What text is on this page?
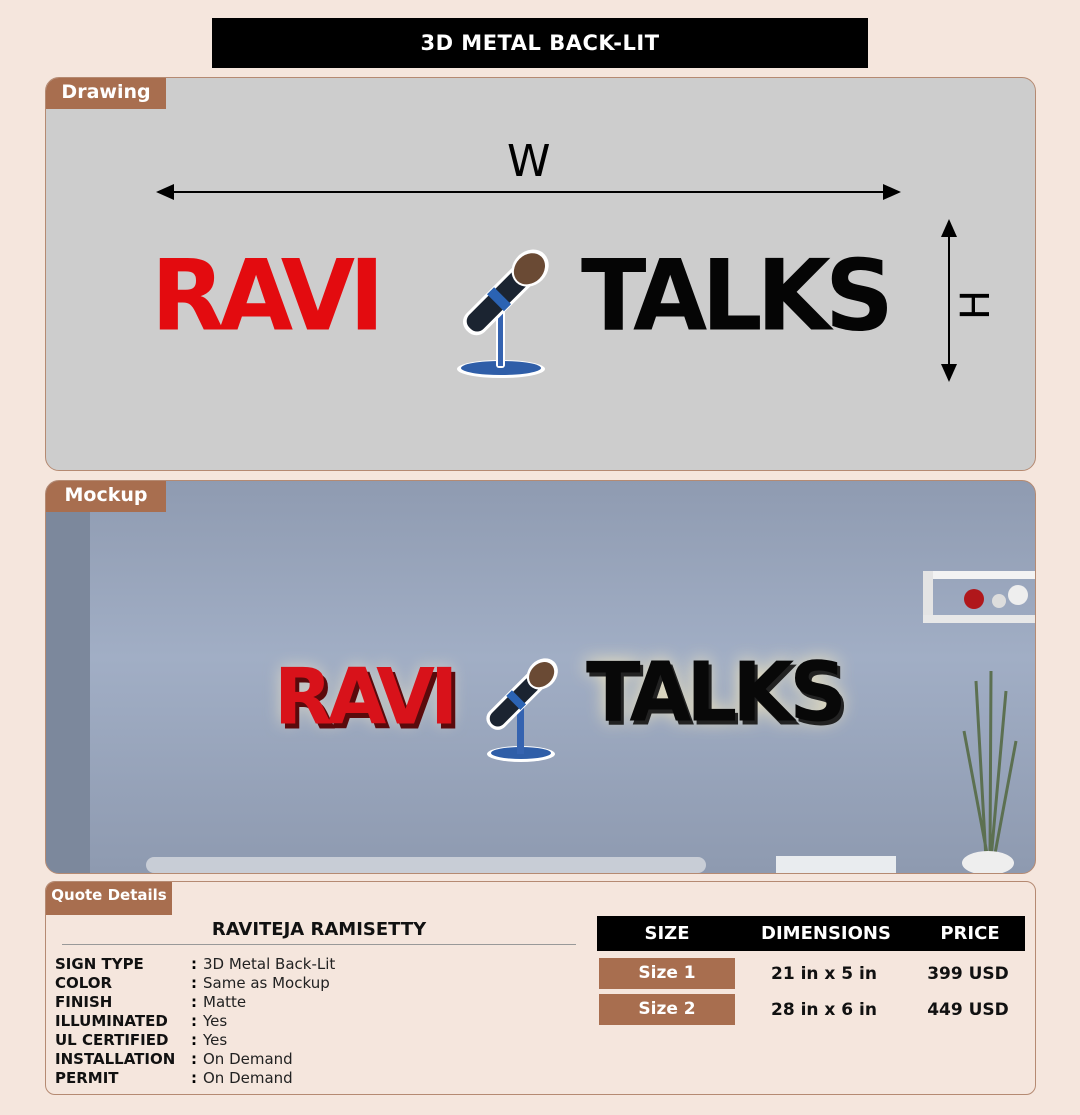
3D METAL BACK-LIT
Drawing
W
H
RAVI TALKS
Mockup
RAVI TALKS
Quote Details
RAVITEJA RAMISETTY
SIGN TYPE	: 3D Metal Back-Lit
COLOR	: Same as Mockup
FINISH	: Matte
ILLUMINATED	: Yes
UL CERTIFIED	: Yes
INSTALLATION	: On Demand
PERMIT	: On Demand
SIZE	DIMENSIONS	PRICE
Size 1	21 in x 5 in	399 USD
Size 2	28 in x 6 in	449 USD
